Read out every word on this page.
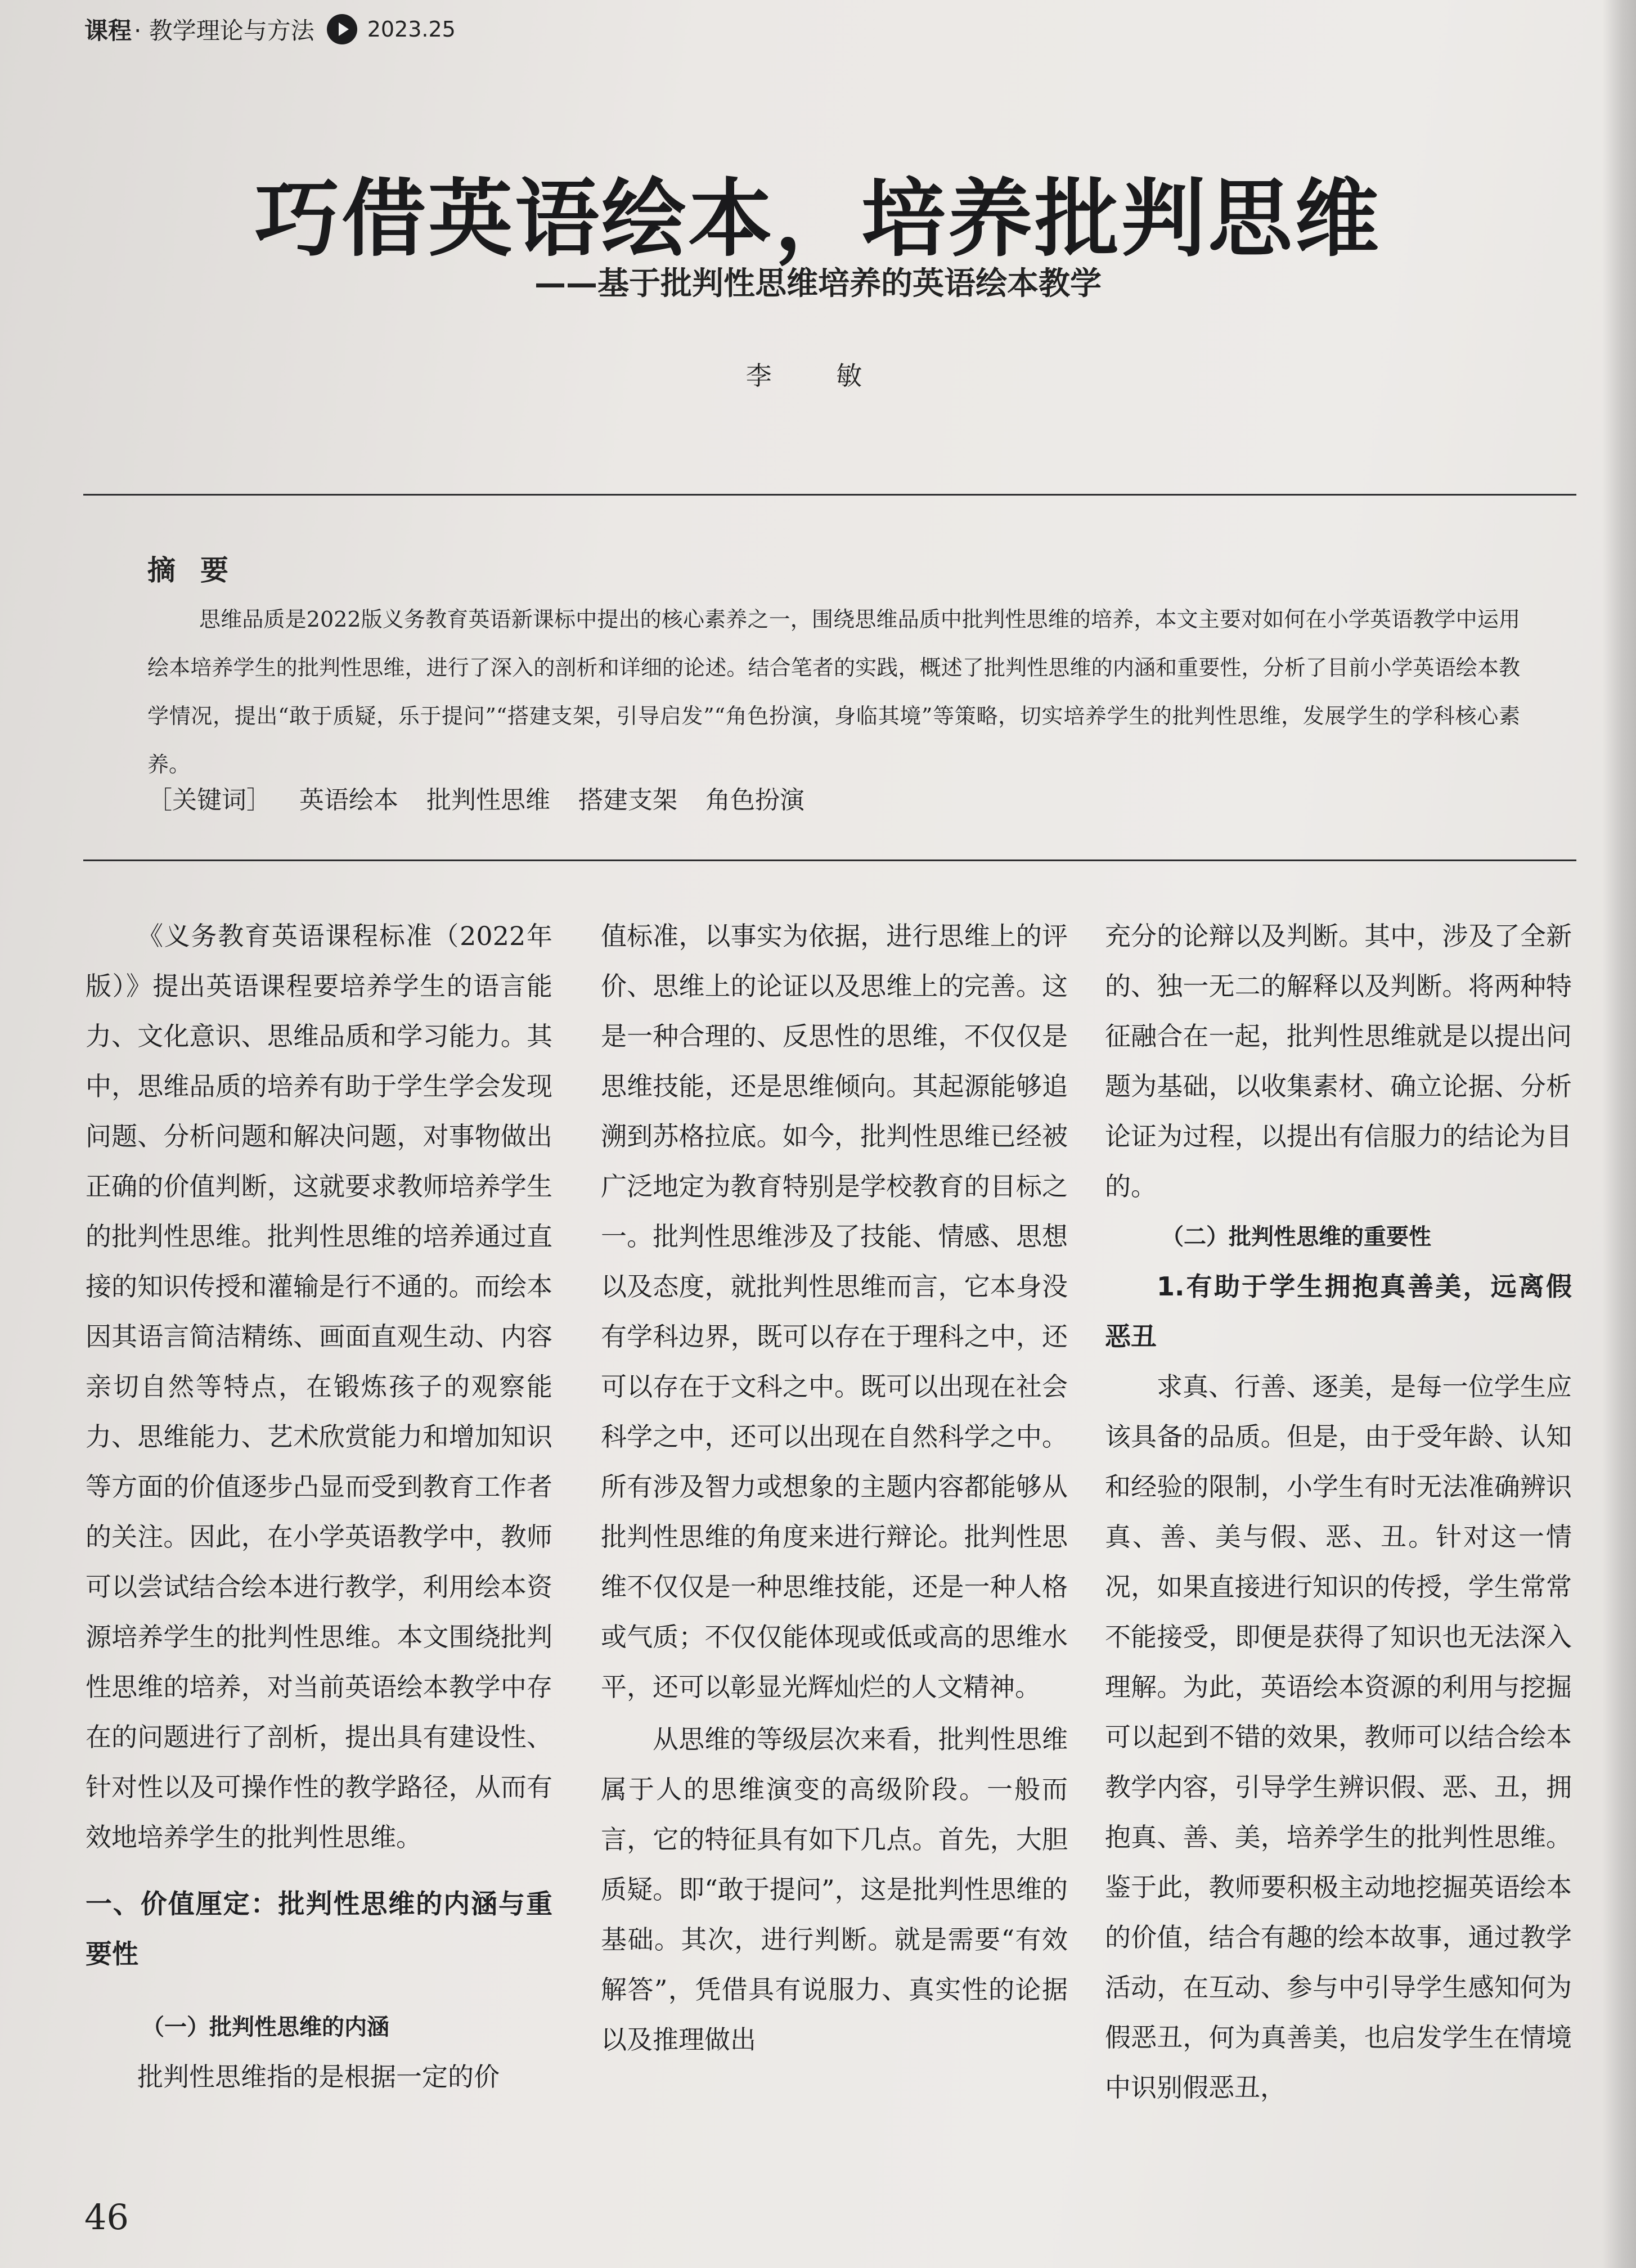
课程 · 教学理论与方法 2023.25
巧借英语绘本，培养批判思维
——基于批判性思维培养的英语绘本教学
李 敏
摘要
思维品质是2022版义务教育英语新课标中提出的核心素养之一，围绕思维品质中批判性思维的培养，本文主要对如何在小学英语教学中运用绘本培养学生的批判性思维，进行了深入的剖析和详细的论述。结合笔者的实践，概述了批判性思维的内涵和重要性，分析了目前小学英语绘本教学情况，提出“敢于质疑，乐于提问”“搭建支架，引导启发”“角色扮演，身临其境”等策略，切实培养学生的批判性思维，发展学生的学科核心素养。
［关键词］ 英语绘本 批判性思维 搭建支架 角色扮演

《义务教育英语课程标准（2022年版）》提出英语课程要培养学生的语言能力、文化意识、思维品质和学习能力。其中，思维品质的培养有助于学生学会发现问题、分析问题和解决问题，对事物做出正确的价值判断，这就要求教师培养学生的批判性思维。批判性思维的培养通过直接的知识传授和灌输是行不通的。而绘本因其语言简洁精练、画面直观生动、内容亲切自然等特点，在锻炼孩子的观察能力、思维能力、艺术欣赏能力和增加知识等方面的价值逐步凸显而受到教育工作者的关注。因此，在小学英语教学中，教师可以尝试结合绘本进行教学，利用绘本资源培养学生的批判性思维。本文围绕批判性思维的培养，对当前英语绘本教学中存在的问题进行了剖析，提出具有建设性、针对性以及可操作性的教学路径，从而有效地培养学生的批判性思维。

一、价值厘定：批判性思维的内涵与重要性
（一）批判性思维的内涵

批判性思维指的是根据一定的价

值标准，以事实为依据，进行思维上的评价、思维上的论证以及思维上的完善。这是一种合理的、反思性的思维，不仅仅是思维技能，还是思维倾向。其起源能够追溯到苏格拉底。如今，批判性思维已经被广泛地定为教育特别是学校教育的目标之一。批判性思维涉及了技能、情感、思想以及态度，就批判性思维而言，它本身没有学科边界，既可以存在于理科之中，还可以存在于文科之中。既可以出现在社会科学之中，还可以出现在自然科学之中。所有涉及智力或想象的主题内容都能够从批判性思维的角度来进行辩论。批判性思维不仅仅是一种思维技能，还是一种人格或气质；不仅仅能体现或低或高的思维水平，还可以彰显光辉灿烂的人文精神。

从思维的等级层次来看，批判性思维属于人的思维演变的高级阶段。一般而言，它的特征具有如下几点。首先，大胆质疑。即“敢于提问”，这是批判性思维的基础。其次，进行判断。就是需要“有效解答”，凭借具有说服力、真实性的论据以及推理做出

充分的论辩以及判断。其中，涉及了全新的、独一无二的解释以及判断。将两种特征融合在一起，批判性思维就是以提出问题为基础，以收集素材、确立论据、分析论证为过程，以提出有信服力的结论为目的。

（二）批判性思维的重要性
1.有助于学生拥抱真善美，远离假恶丑

求真、行善、逐美，是每一位学生应该具备的品质。但是，由于受年龄、认知和经验的限制，小学生有时无法准确辨识真、善、美与假、恶、丑。针对这一情况，如果直接进行知识的传授，学生常常不能接受，即便是获得了知识也无法深入理解。为此，英语绘本资源的利用与挖掘可以起到不错的效果，教师可以结合绘本教学内容，引导学生辨识假、恶、丑，拥抱真、善、美，培养学生的批判性思维。鉴于此，教师要积极主动地挖掘英语绘本的价值，结合有趣的绘本故事，通过教学活动，在互动、参与中引导学生感知何为假恶丑，何为真善美，也启发学生在情境中识别假恶丑，

46
